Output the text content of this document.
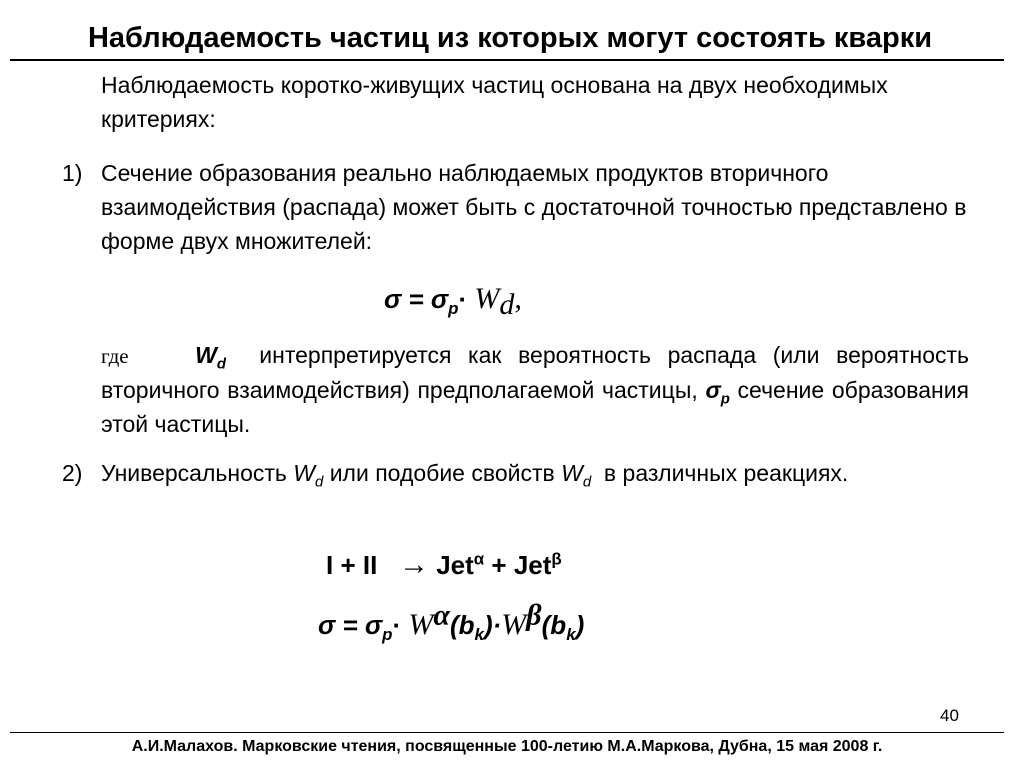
Наблюдаемость частиц из которых могут состоять кварки

Наблюдаемость коротко-живущих частиц основана на двух необходимых критериях:

1) Сечение образования реально наблюдаемых продуктов вторичного взаимодействия (распада) может быть с достаточной точностью представлено в форме двух множителей:

$\sigma = \sigma_p\cdot W_d$,

где	$W_d$ интерпретируется как вероятность распада (или вероятность вторичного взаимодействия) предполагаемой частицы, $\sigma_p$ сечение образования этой частицы.

2) Универсальность $W_d$ или подобие свойств $W_d$ в различных реакциях.

I + II → Jet$^\alpha$ + Jet$^\beta$
$\sigma = \sigma_p\cdot W^\alpha(b_k)\cdot W^\beta(b_k)$
40
А.И.Малахов. Марковские чтения, посвященные 100-летию М.А.Маркова, Дубна, 15 мая 2008 г.
